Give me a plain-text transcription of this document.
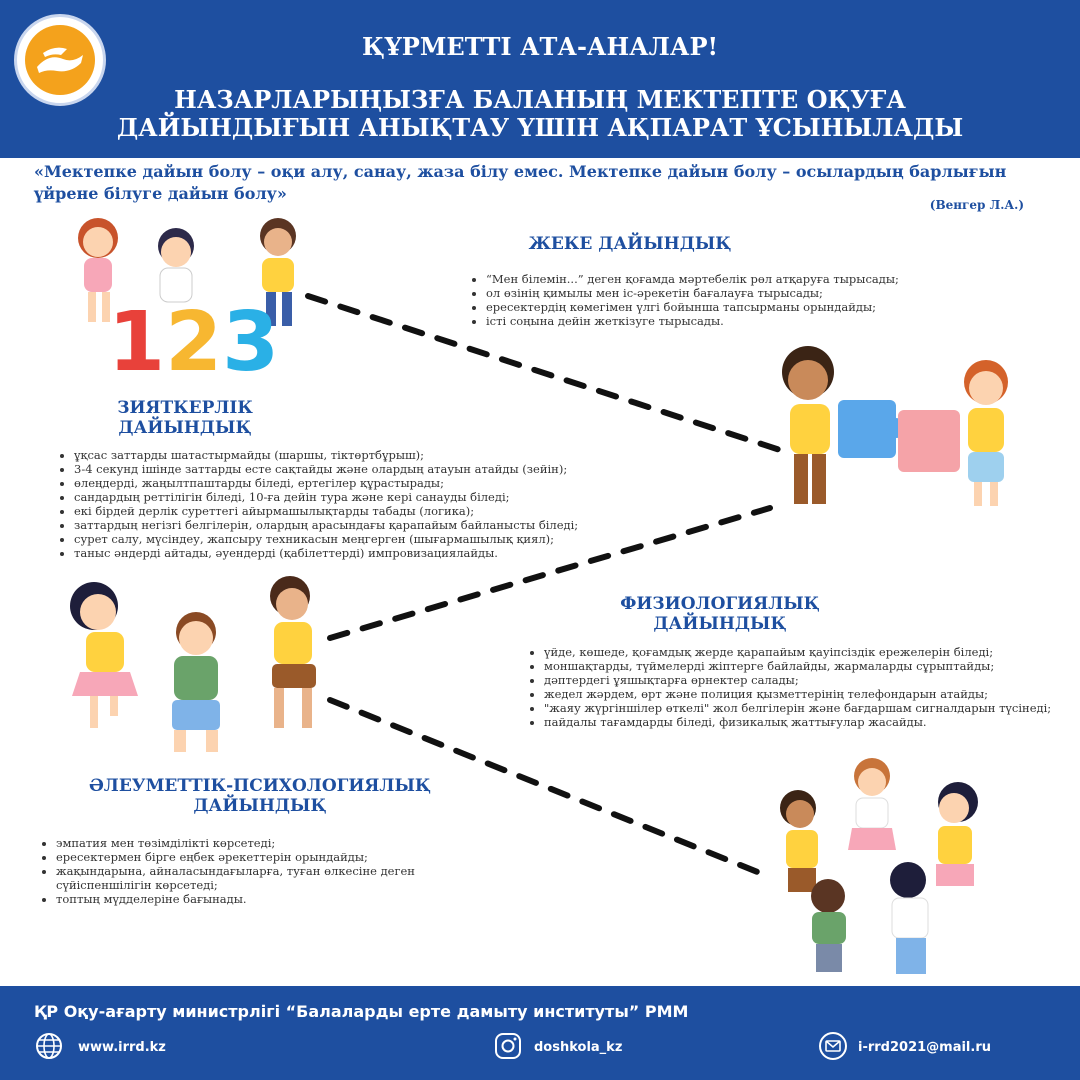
ҚҰРМЕТТІ АТА-АНАЛАР!
НАЗАРЛАРЫҢЫЗҒА БАЛАНЫҢ МЕКТЕПТЕ ОҚУҒА
ДАЙЫНДЫҒЫН АНЫҚТАУ ҮШІН АҚПАРАТ ҰСЫНЫЛАДЫ
«Мектепке дайын болу – оқи алу, санау, жаза білу емес. Мектепке дайын болу – осылардың барлығын
үйрене білуге дайын болу»
(Венгер Л.А.)
123
ЖЕКЕ ДАЙЫНДЫҚ
• “Мен білемін...” деген қоғамда мәртебелік рөл атқаруға тырысады;
• ол өзінің қимылы мен іс-әрекетін бағалауға тырысады;
• ересектердің көмегімен үлгі бойынша тапсырманы орындайды;
• істі соңына дейін жеткізуге тырысады.
ЗИЯТКЕРЛІК
ДАЙЫНДЫҚ
• ұқсас заттарды шатастырмайды (шаршы, тіктөртбұрыш);
• 3-4 секунд ішінде заттарды есте сақтайды және олардың атауын атайды (зейін);
• өлеңдерді, жаңылтпаштарды біледі, ертегілер құрастырады;
• сандардың реттілігін біледі, 10-ға дейін тура және кері санауды біледі;
• екі бірдей дерлік суреттегі айырмашылықтарды табады (логика);
• заттардың негізгі белгілерін, олардың арасындағы қарапайым байланысты біледі;
• сурет салу, мүсіндеу, жапсыру техникасын меңгерген (шығармашылық қиял);
• таныс әндерді айтады, әуендерді (қабілеттерді) импровизациялайды.
ФИЗИОЛОГИЯЛЫҚ
ДАЙЫНДЫҚ
• үйде, көшеде, қоғамдық жерде қарапайым қауіпсіздік ережелерін біледі;
• моншақтарды, түймелерді жіптерге байлайды, жармаларды сұрыптайды;
• дәптердегі ұяшықтарға өрнектер салады;
• жедел жәрдем, өрт және полиция қызметтерінің телефондарын атайды;
• "жаяу жүргіншілер өткелі" жол белгілерін және бағдаршам сигналдарын түсінеді;
• пайдалы тағамдарды біледі, физикалық жаттығулар жасайды.
ӘЛЕУМЕТТІК-ПСИХОЛОГИЯЛЫҚ
ДАЙЫНДЫҚ
• эмпатия мен төзімділікті көрсетеді;
• ересектермен бірге еңбек әрекеттерін орындайды;
• жақындарына, айналасындағыларға, туған өлкесіне деген сүйіспеншілігін көрсетеді;
• топтың мүдделеріне бағынады.
ҚР Оқу-ағарту министрлігі “Балаларды ерте дамыту институты” РММ
www.irrd.kz	doshkola_kz	i-rrd2021@mail.ru
